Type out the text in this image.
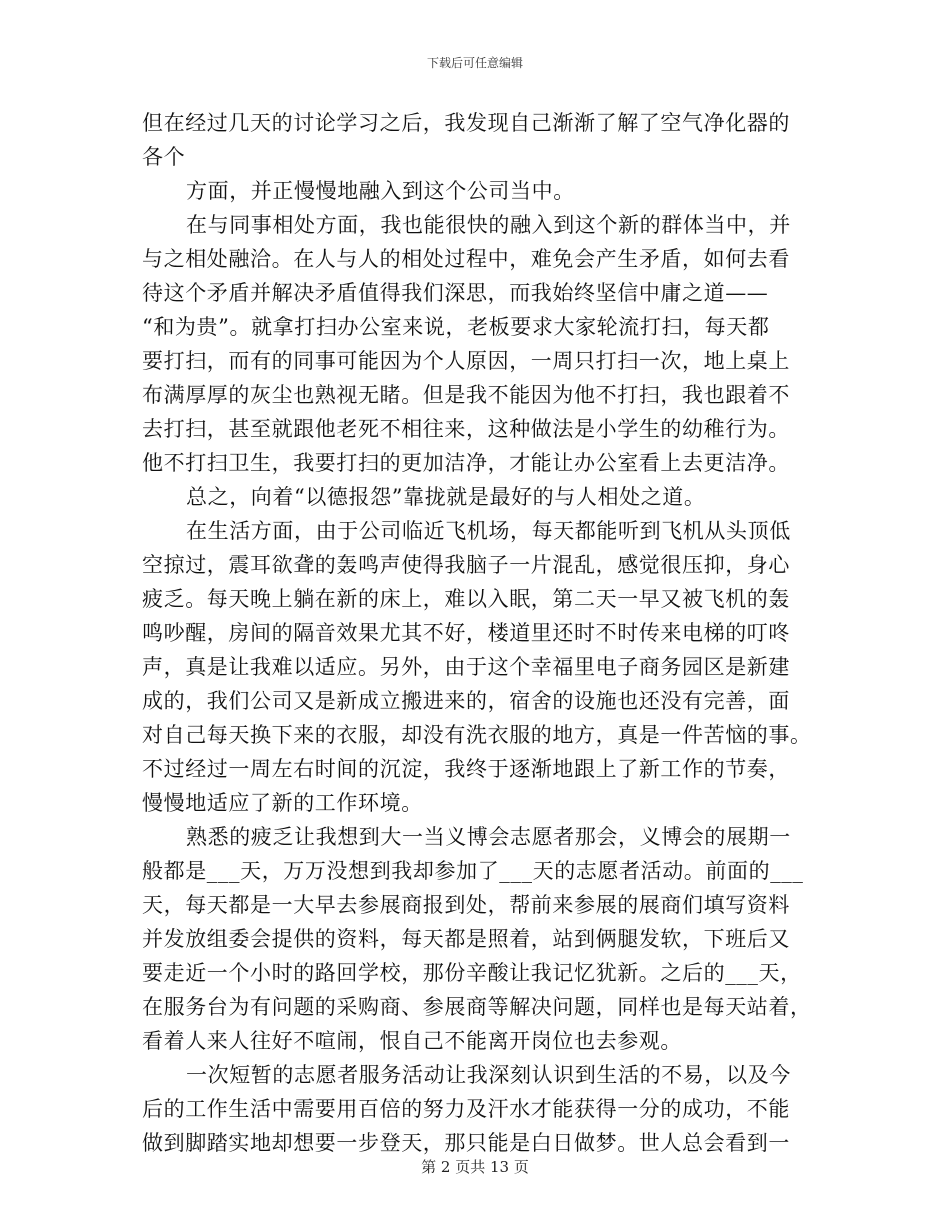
下载后可任意编辑
但在经过几天的讨论学习之后，我发现自己渐渐了解了空气净化器的
各个
方面，并正慢慢地融入到这个公司当中。
在与同事相处方面，我也能很快的融入到这个新的群体当中，并
与之相处融洽。在人与人的相处过程中，难免会产生矛盾，如何去看
待这个矛盾并解决矛盾值得我们深思，而我始终坚信中庸之道——
“和为贵”。就拿打扫办公室来说，老板要求大家轮流打扫，每天都
要打扫，而有的同事可能因为个人原因，一周只打扫一次，地上桌上
布满厚厚的灰尘也熟视无睹。但是我不能因为他不打扫，我也跟着不
去打扫，甚至就跟他老死不相往来，这种做法是小学生的幼稚行为。
他不打扫卫生，我要打扫的更加洁净，才能让办公室看上去更洁净。
总之，向着“以德报怨”靠拢就是最好的与人相处之道。
在生活方面，由于公司临近飞机场，每天都能听到飞机从头顶低
空掠过，震耳欲聋的轰鸣声使得我脑子一片混乱，感觉很压抑，身心
疲乏。每天晚上躺在新的床上，难以入眠，第二天一早又被飞机的轰
鸣吵醒，房间的隔音效果尤其不好，楼道里还时不时传来电梯的叮咚
声，真是让我难以适应。另外，由于这个幸福里电子商务园区是新建
成的，我们公司又是新成立搬进来的，宿舍的设施也还没有完善，面
对自己每天换下来的衣服，却没有洗衣服的地方，真是一件苦恼的事。
不过经过一周左右时间的沉淀，我终于逐渐地跟上了新工作的节奏，
慢慢地适应了新的工作环境。
熟悉的疲乏让我想到大一当义博会志愿者那会，义博会的展期一
般都是___天，万万没想到我却参加了___天的志愿者活动。前面的___
天，每天都是一大早去参展商报到处，帮前来参展的展商们填写资料
并发放组委会提供的资料，每天都是照着，站到俩腿发软，下班后又
要走近一个小时的路回学校，那份辛酸让我记忆犹新。之后的___天，
在服务台为有问题的采购商、参展商等解决问题，同样也是每天站着，
看着人来人往好不喧闹，恨自己不能离开岗位也去参观。
一次短暂的志愿者服务活动让我深刻认识到生活的不易，以及今
后的工作生活中需要用百倍的努力及汗水才能获得一分的成功，不能
做到脚踏实地却想要一步登天，那只能是白日做梦。世人总会看到一
第 2 页共 13 页
